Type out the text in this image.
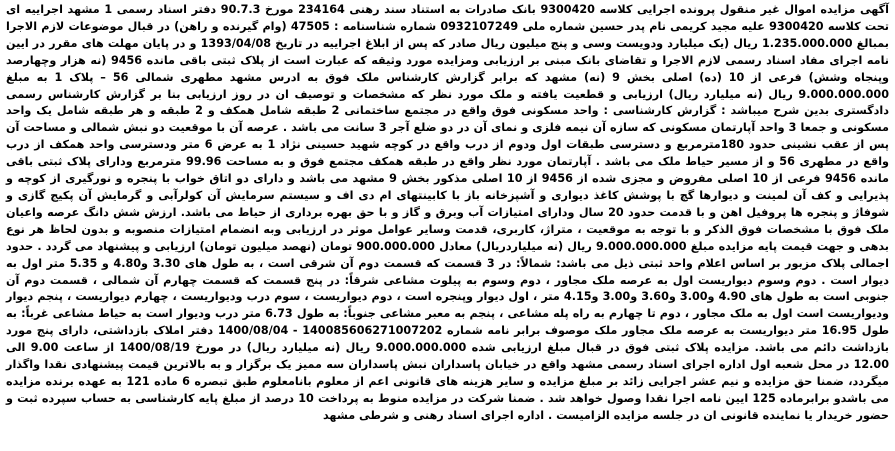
آگهی مزایده اموال غیر منقول پرونده اجرایی کلاسه 9300420 بانک صادرات به استناد سند رهنی 234164 مورخ 90.7.3 دفتر اسناد رسمی 1 مشهد اجراییه ای تحت کلاسه 9300420 علیه مجید کریمی نام پدر حسین شماره ملی 0932107249 شماره شناسنامه : 47505 (وام گیرنده و راهن) در قبال موضوعات لازم الاجرا بمبالغ 1.235.000.000 ریال (یک میلیارد ودویست وسی و پنج میلیون ریال صادر که پس از ابلاغ اجراییه در تاریخ 1393/04/08 و در پایان مهلت های مقرر در ایین نامه اجرای مفاد اسناد رسمی لازم الاجرا و تقاضای بانک مبنی بر ارزیابی ومزایده مورد وثیقه که عبارت است از پلاک ثبتی باقی مانده 9456 (نه هزار وچهارصد وپنجاه وشش) فرعی از 10 (ده) اصلی بخش 9 (نه) مشهد که برابر گزارش کارشناس ملک فوق به ادرس مشهد مطهری شمالی 56 – پلاک 1 به مبلغ 9.000.000.000 ریال (نه میلیارد ریال) ارزیابی و قطعیت یافته و ملک مورد نظر که مشخصات و توصیف ان در روز ارزیابی بنا بر گزارش کارشناس رسمی دادگستری بدین شرح میباشد : گزارش کارشناسی : واحد مسکونی فوق واقع در مجتمع ساختمانی 2 طبقه شامل همکف و 2 طبقه و هر طبقه شامل یک واحد مسکونی و جمعا 3 واحد آپارتمان مسکونی که سازه آن نیمه فلزی و نمای آن در دو ضلع آجر 3 سانت می باشد . عرصه آن با موقعیت دو نبش شمالی و مساحت آن پس از عقب نشینی حدود 180مترمربع و دسترسی طبقات اول ودوم از درب واقع در کوچه شهید حسینی نژاد 1 به عرض 6 متر ودسترسی واحد همکف از درب واقع در مطهری 56 و از مسیر حیاط ملک می باشد . آپارتمان مورد نظر واقع در طبقه همکف مجتمع فوق و به مساحت 99.96 مترمربع ودارای پلاک ثبتی باقی مانده 9456 فرعی از 10 اصلی مفروض و مجزی شده از 9456 از 10 اصلی مذکور بخش 9 مشهد می باشد و دارای دو اتاق خواب با پنجره و نورگیری از کوچه و پذیرایی و کف آن لمینت و دیوارها گچ با پوشش کاغذ دیواری و آشپزخانه باز با کابینتهای ام دی اف و سیستم سرمایش آن کولرآبی و گرمایش آن پکیج گازی و شوفاژ و پنجره ها پروفیل اهن و با قدمت حدود 20 سال ودارای امتیازات آب وبرق و گاز و با حق بهره برداری از حیاط می باشد. ارزش شش دانگ عرصه واعیان ملک فوق با مشخصات فوق الذکر و با توجه به موقعیت ، متراژ، کاربری، قدمت وسایر عوامل موثر در ارزیابی وبه انضمام امتیازات منصوبه و بدون لحاظ هر نوع بدهی و جهت قیمت پایه مزایده مبلغ 9.000.000.000 ریال (نه میلیاردریال) معادل 900.000.000 تومان (نهصد میلیون تومان) ارزیابی و پیشنهاد می گردد . حدود اجمالی پلاک مزبور بر اساس اعلام واحد ثبتی ذیل می باشد: شمالاً: در 3 قسمت که قسمت دوم آن شرقی است ، به طول های 3.30 و4.80 و 5.35 متر اول به دیوار است . دوم وسوم دیواریست اول به عرصه ملک مجاور ، دوم وسوم به پیلوت مشاعی شرقاً: در پنج قسمت که قسمت چهارم آن شمالی ، قسمت دوم آن جنوبی است به طول های 4.90 و3.00 و3.60 و3.00 و4.15 متر ، اول دیوار وپنجره است ، دوم دیواریست ، سوم درب ودیواریست ، چهارم دیواریست ، پنجم دیوار ودیواریست است اول به ملک مجاور ، دوم تا چهارم به راه پله مشاعی ، پنجم به معبر مشاعی جنوباً: به طول 6.73 متر درب ودیوار است به حیاط مشاعی غرباً: به طول 16.95 متر دیواریست به عرصه ملک مجاور ملک موصوف برابر نامه شماره 14008560627100720​2 - 1400/08/04 دفتر املاک بازداشتی، دارای پنج مورد بازداشت دائم می باشد. مزایده پلاک ثبتی فوق در قبال مبلغ ارزیابی شده 9.000.000.000 ریال (نه میلیارد ریال) در مورخ 1400/08/19 از ساعت 9.00 الی 12.00 در محل شعبه اول اداره اجرای اسناد رسمی مشهد واقع در خیابان پاسداران نبش پاسداران سه ممیز یک برگزار و به بالاترین قیمت پیشنهادی نقدا واگذار میگردد، ضمنا حق مزایده و نیم عشر اجرایی زائد بر مبلغ مزایده و سایر هزینه های قانونی اعم از معلوم بانامعلوم طبق تبصره 6 ماده 121 به عهده برنده مزایده می باشدو برابرماده 125 ایین نامه اجرا نقدا وصول خواهد شد . ضمنا شرکت در مزایده منوط به پرداخت 10 درصد از مبلغ پایه کارشناسی به حساب سپرده ثبت و حضور خریدار یا نماینده قانونی ان در جلسه مزایده الزامیست . اداره اجرای اسناد رهنی و شرطی مشهد
